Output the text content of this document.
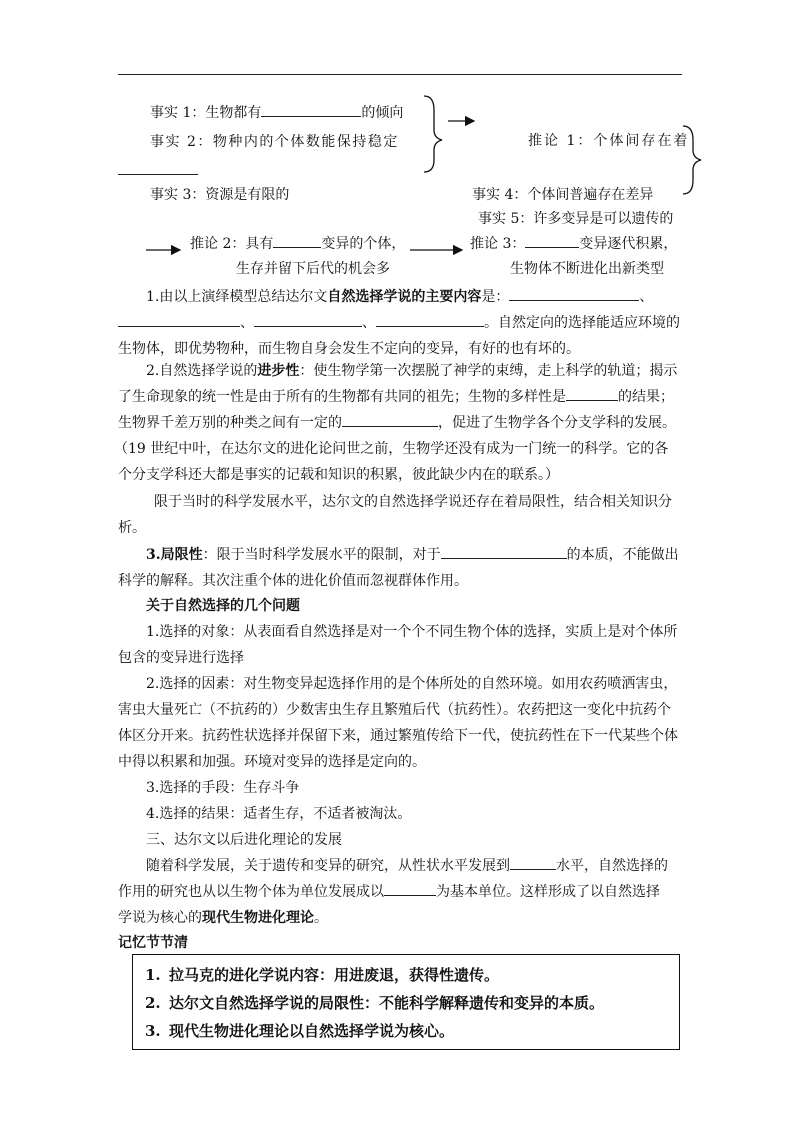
事实 1：生物都有	的倾向
事实 2：物种内的个体数能保持稳定
事实 3：资源是有限的
推论 1：个体间存在着
事实 4：个体间普遍存在差异
事实 5：许多变异是可以遗传的
推论 2：具有	变异的个体，
生存并留下后代的机会多
推论 3：	变异逐代积累，
生物体不断进化出新类型
1.由以上演绎模型总结达尔文自然选择学说的主要内容是：	、
、	、	。自然定向的选择能适应环境的
生物体，即优势物种，而生物自身会发生不定向的变异，有好的也有坏的。
2.自然选择学说的进步性：使生物学第一次摆脱了神学的束缚，走上科学的轨道；揭示
了生命现象的统一性是由于所有的生物都有共同的祖先；生物的多样性是	的结果；
生物界千差万别的种类之间有一定的	，促进了生物学各个分支学科的发展。
（19 世纪中叶，在达尔文的进化论问世之前，生物学还没有成为一门统一的科学。它的各
个分支学科还大都是事实的记载和知识的积累，彼此缺少内在的联系。）
限于当时的科学发展水平，达尔文的自然选择学说还存在着局限性，结合相关知识分
析。
3.局限性：限于当时科学发展水平的限制，对于	的本质，不能做出
科学的解释。其次注重个体的进化价值而忽视群体作用。
关于自然选择的几个问题
1.选择的对象：从表面看自然选择是对一个个不同生物个体的选择，实质上是对个体所
包含的变异进行选择
2.选择的因素：对生物变异起选择作用的是个体所处的自然环境。如用农药喷洒害虫，
害虫大量死亡（不抗药的）少数害虫生存且繁殖后代（抗药性）。农药把这一变化中抗药个
体区分开来。抗药性状选择并保留下来，通过繁殖传给下一代，使抗药性在下一代某些个体
中得以积累和加强。环境对变异的选择是定向的。
3.选择的手段：生存斗争
4.选择的结果：适者生存，不适者被淘汰。
三、达尔文以后进化理论的发展
随着科学发展，关于遗传和变异的研究，从性状水平发展到	水平，自然选择的
作用的研究也从以生物个体为单位发展成以	为基本单位。这样形成了以自然选择
学说为核心的现代生物进化理论。
记忆节节清
1. 拉马克的进化学说内容：用进废退，获得性遗传。
2. 达尔文自然选择学说的局限性：不能科学解释遗传和变异的本质。
3. 现代生物进化理论以自然选择学说为核心。
